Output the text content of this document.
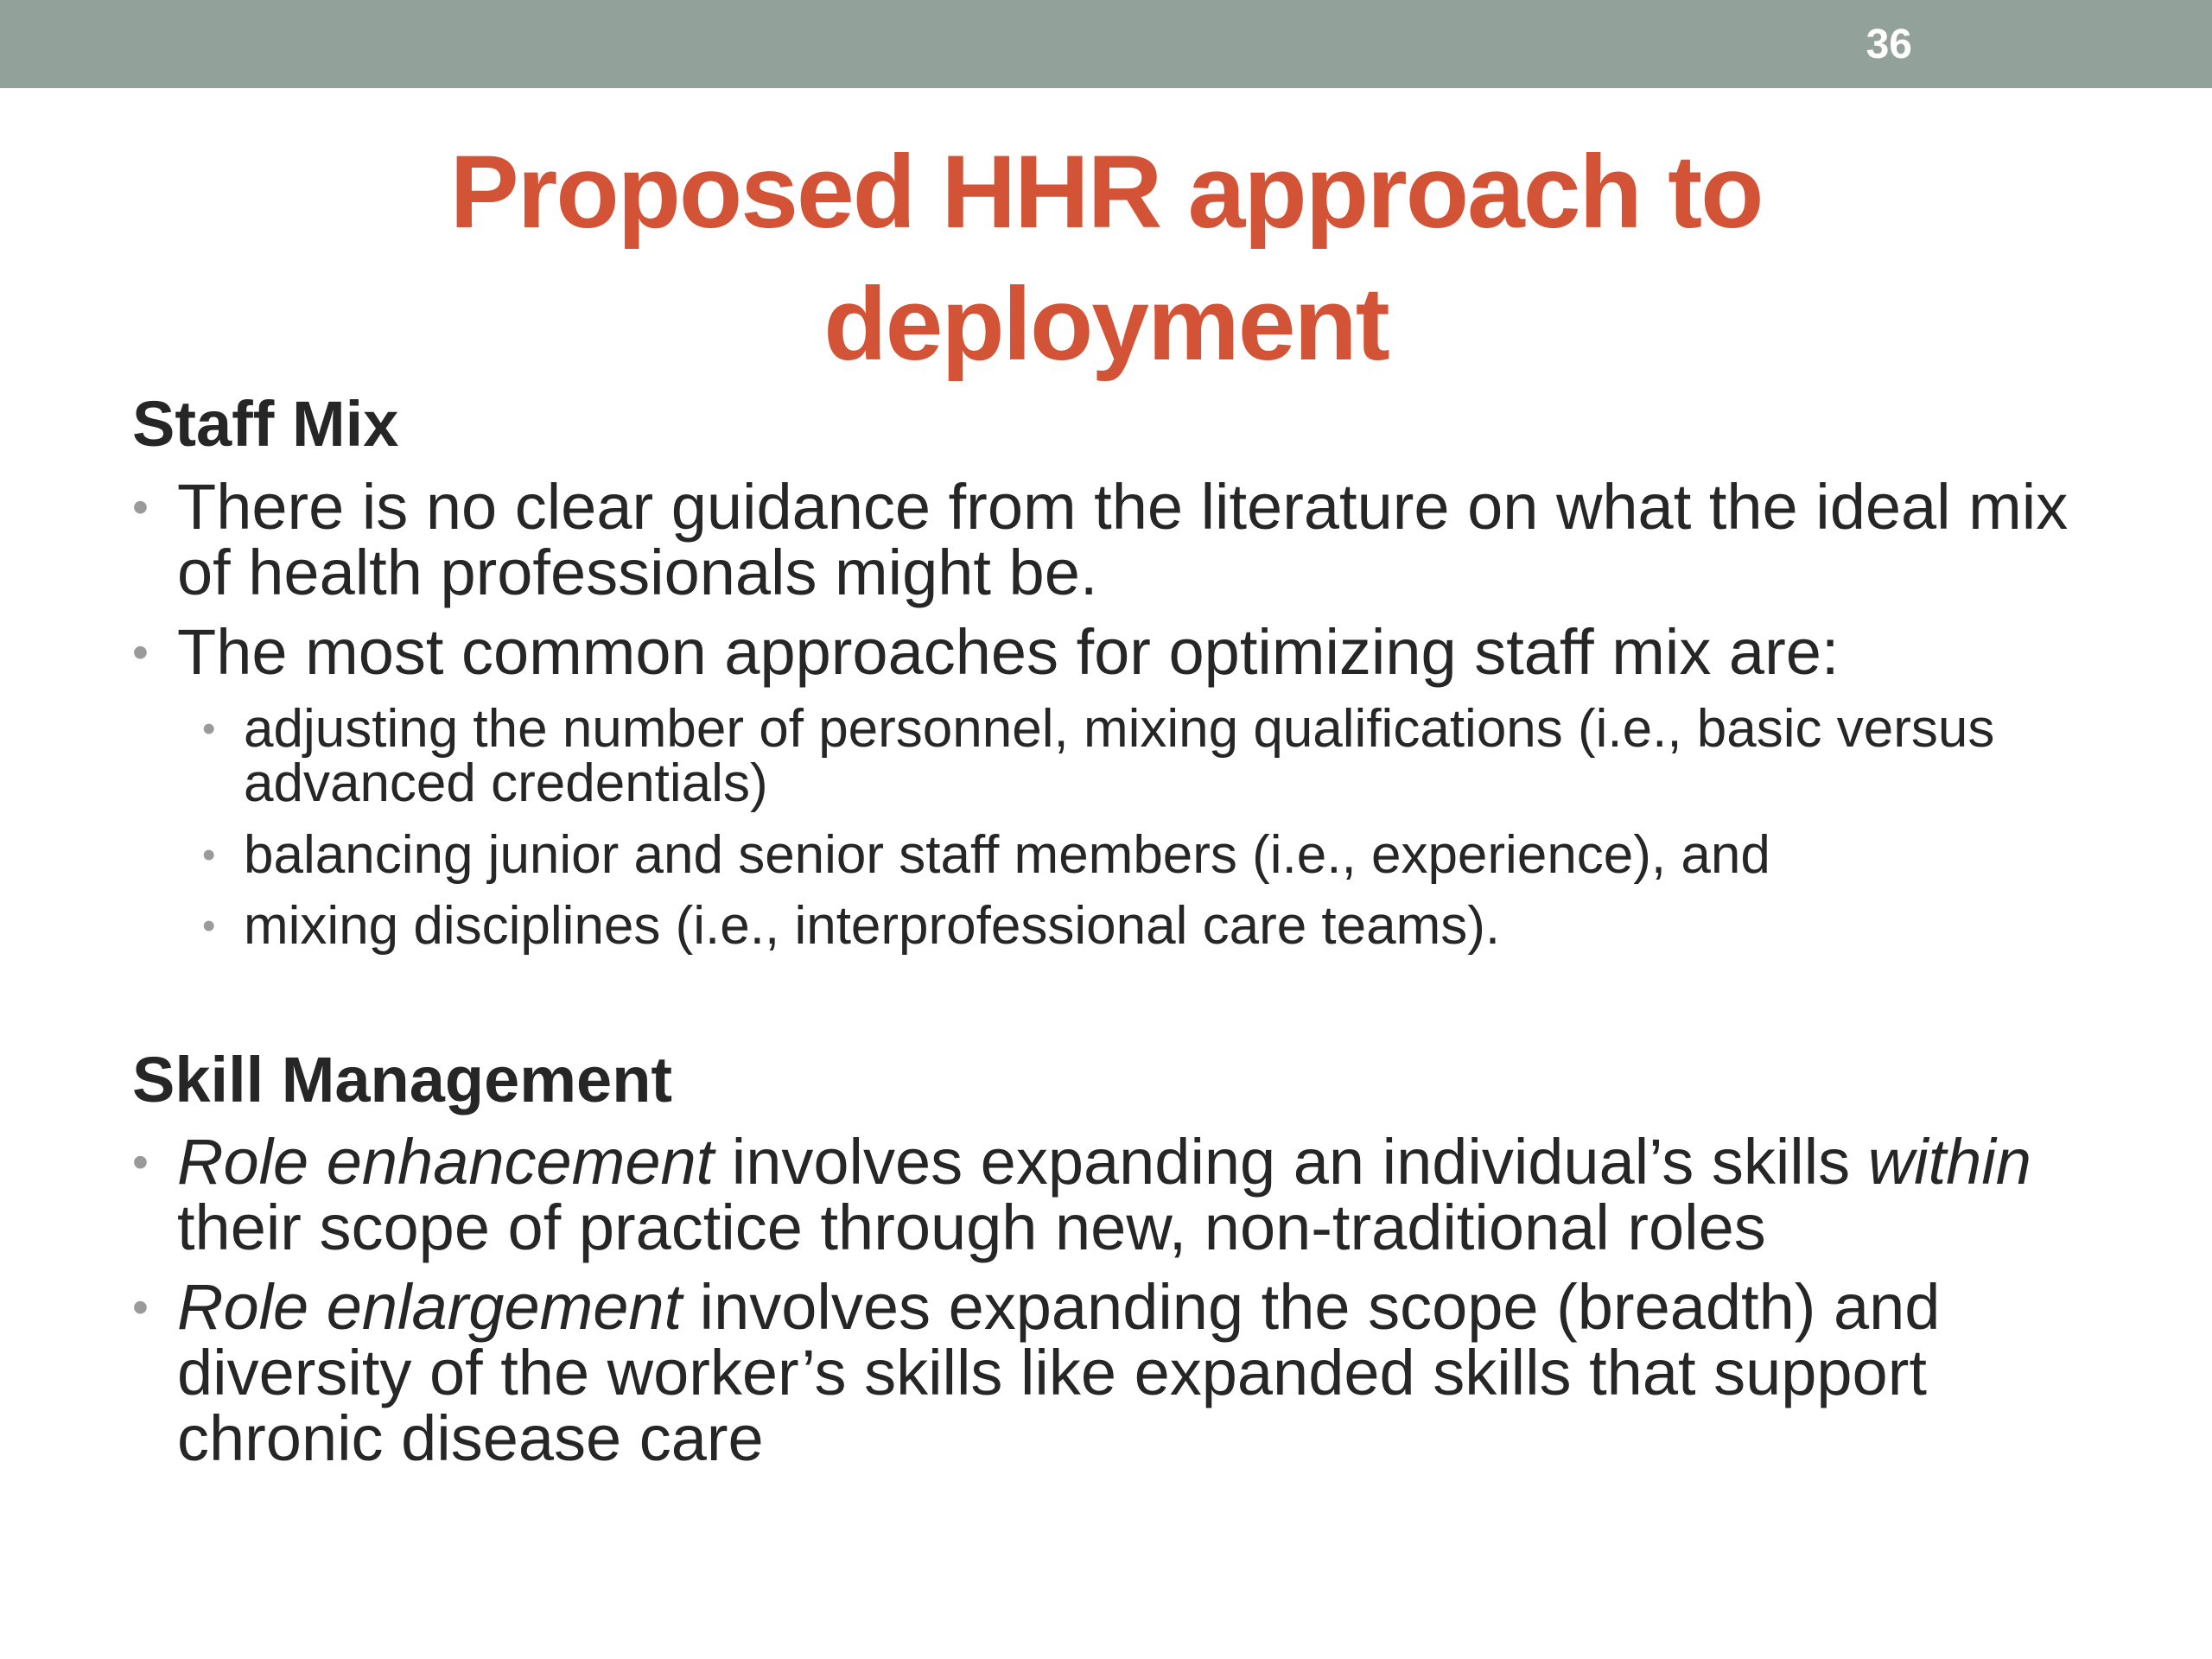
36
Proposed HHR approach to deployment
Staff Mix
• There is no clear guidance from the literature on what the ideal mix of health professionals might be.
• The most common approaches for optimizing staff mix are:
• adjusting the number of personnel, mixing qualifications (i.e., basic versus advanced credentials)
• balancing junior and senior staff members (i.e., experience), and
• mixing disciplines (i.e., interprofessional care teams).
Skill Management
• Role enhancement involves expanding an individual’s skills within their scope of practice through new, non-traditional roles
• Role enlargement involves expanding the scope (breadth) and diversity of the worker’s skills like expanded skills that support chronic disease care
